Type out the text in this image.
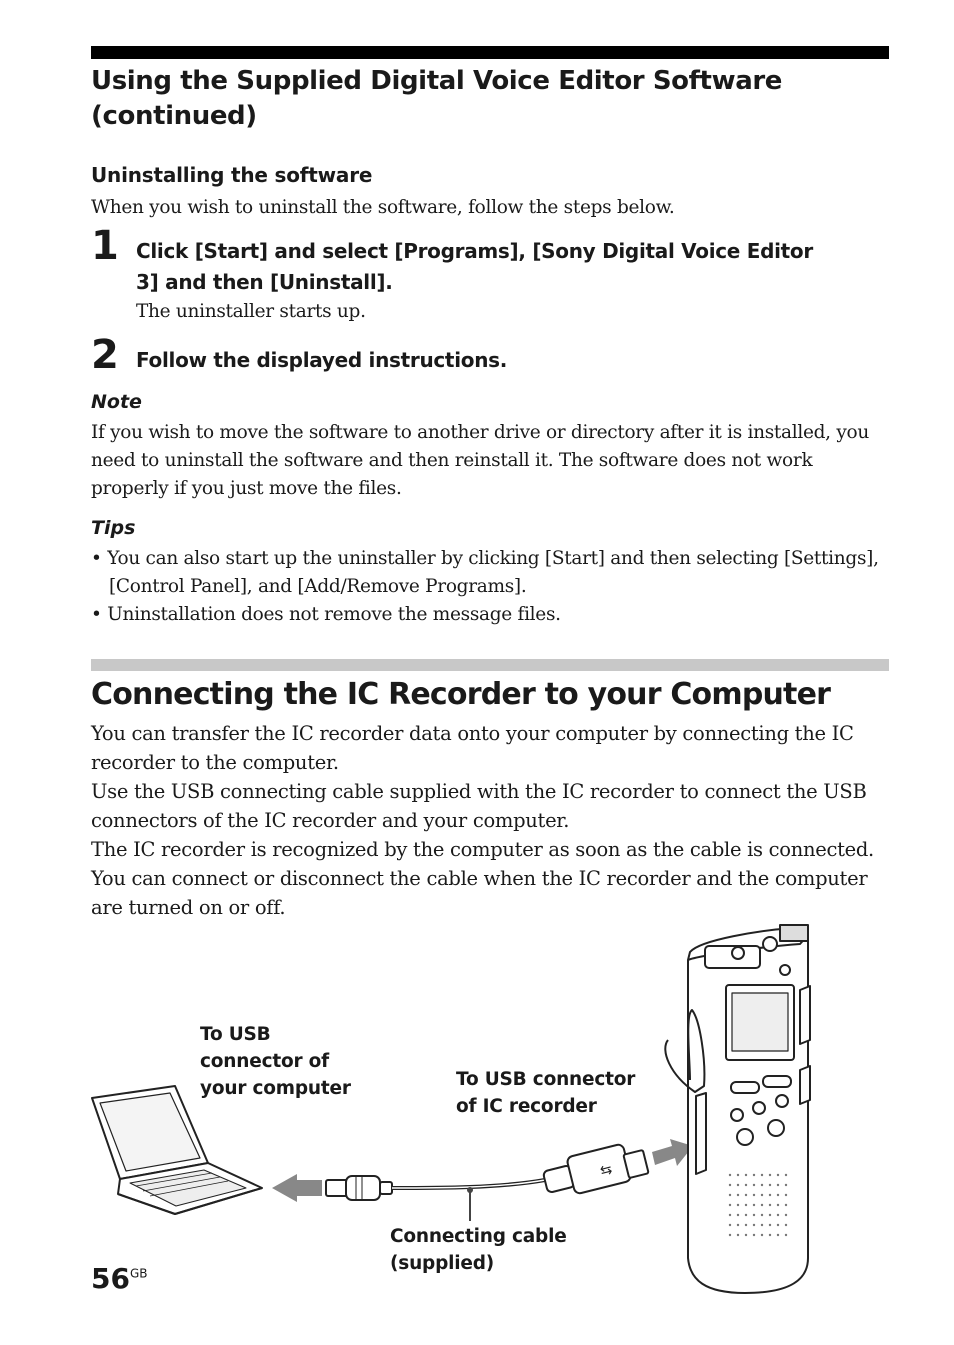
Using the Supplied Digital Voice Editor Software (continued)
Uninstalling the software
When you wish to uninstall the software, follow the steps below.
1 Click [Start] and select [Programs], [Sony Digital Voice Editor
3] and then [Uninstall].
The uninstaller starts up.
2 Follow the displayed instructions.
Note
If you wish to move the software to another drive or directory after it is installed, you need to uninstall the software and then reinstall it. The software does not work properly if you just move the files.
Tips
• You can also start up the uninstaller by clicking [Start] and then selecting [Settings], [Control Panel], and [Add/Remove Programs].
• Uninstallation does not remove the message files.
Connecting the IC Recorder to your Computer
You can transfer the IC recorder data onto your computer by connecting the IC recorder to the computer.
Use the USB connecting cable supplied with the IC recorder to connect the USB connectors of the IC recorder and your computer.
The IC recorder is recognized by the computer as soon as the cable is connected. You can connect or disconnect the cable when the IC recorder and the computer are turned on or off.
⇆
To USB
connector of
your computer	To USB connector
of IC recorder
Connecting cable
(supplied)
$56^{GB}$
